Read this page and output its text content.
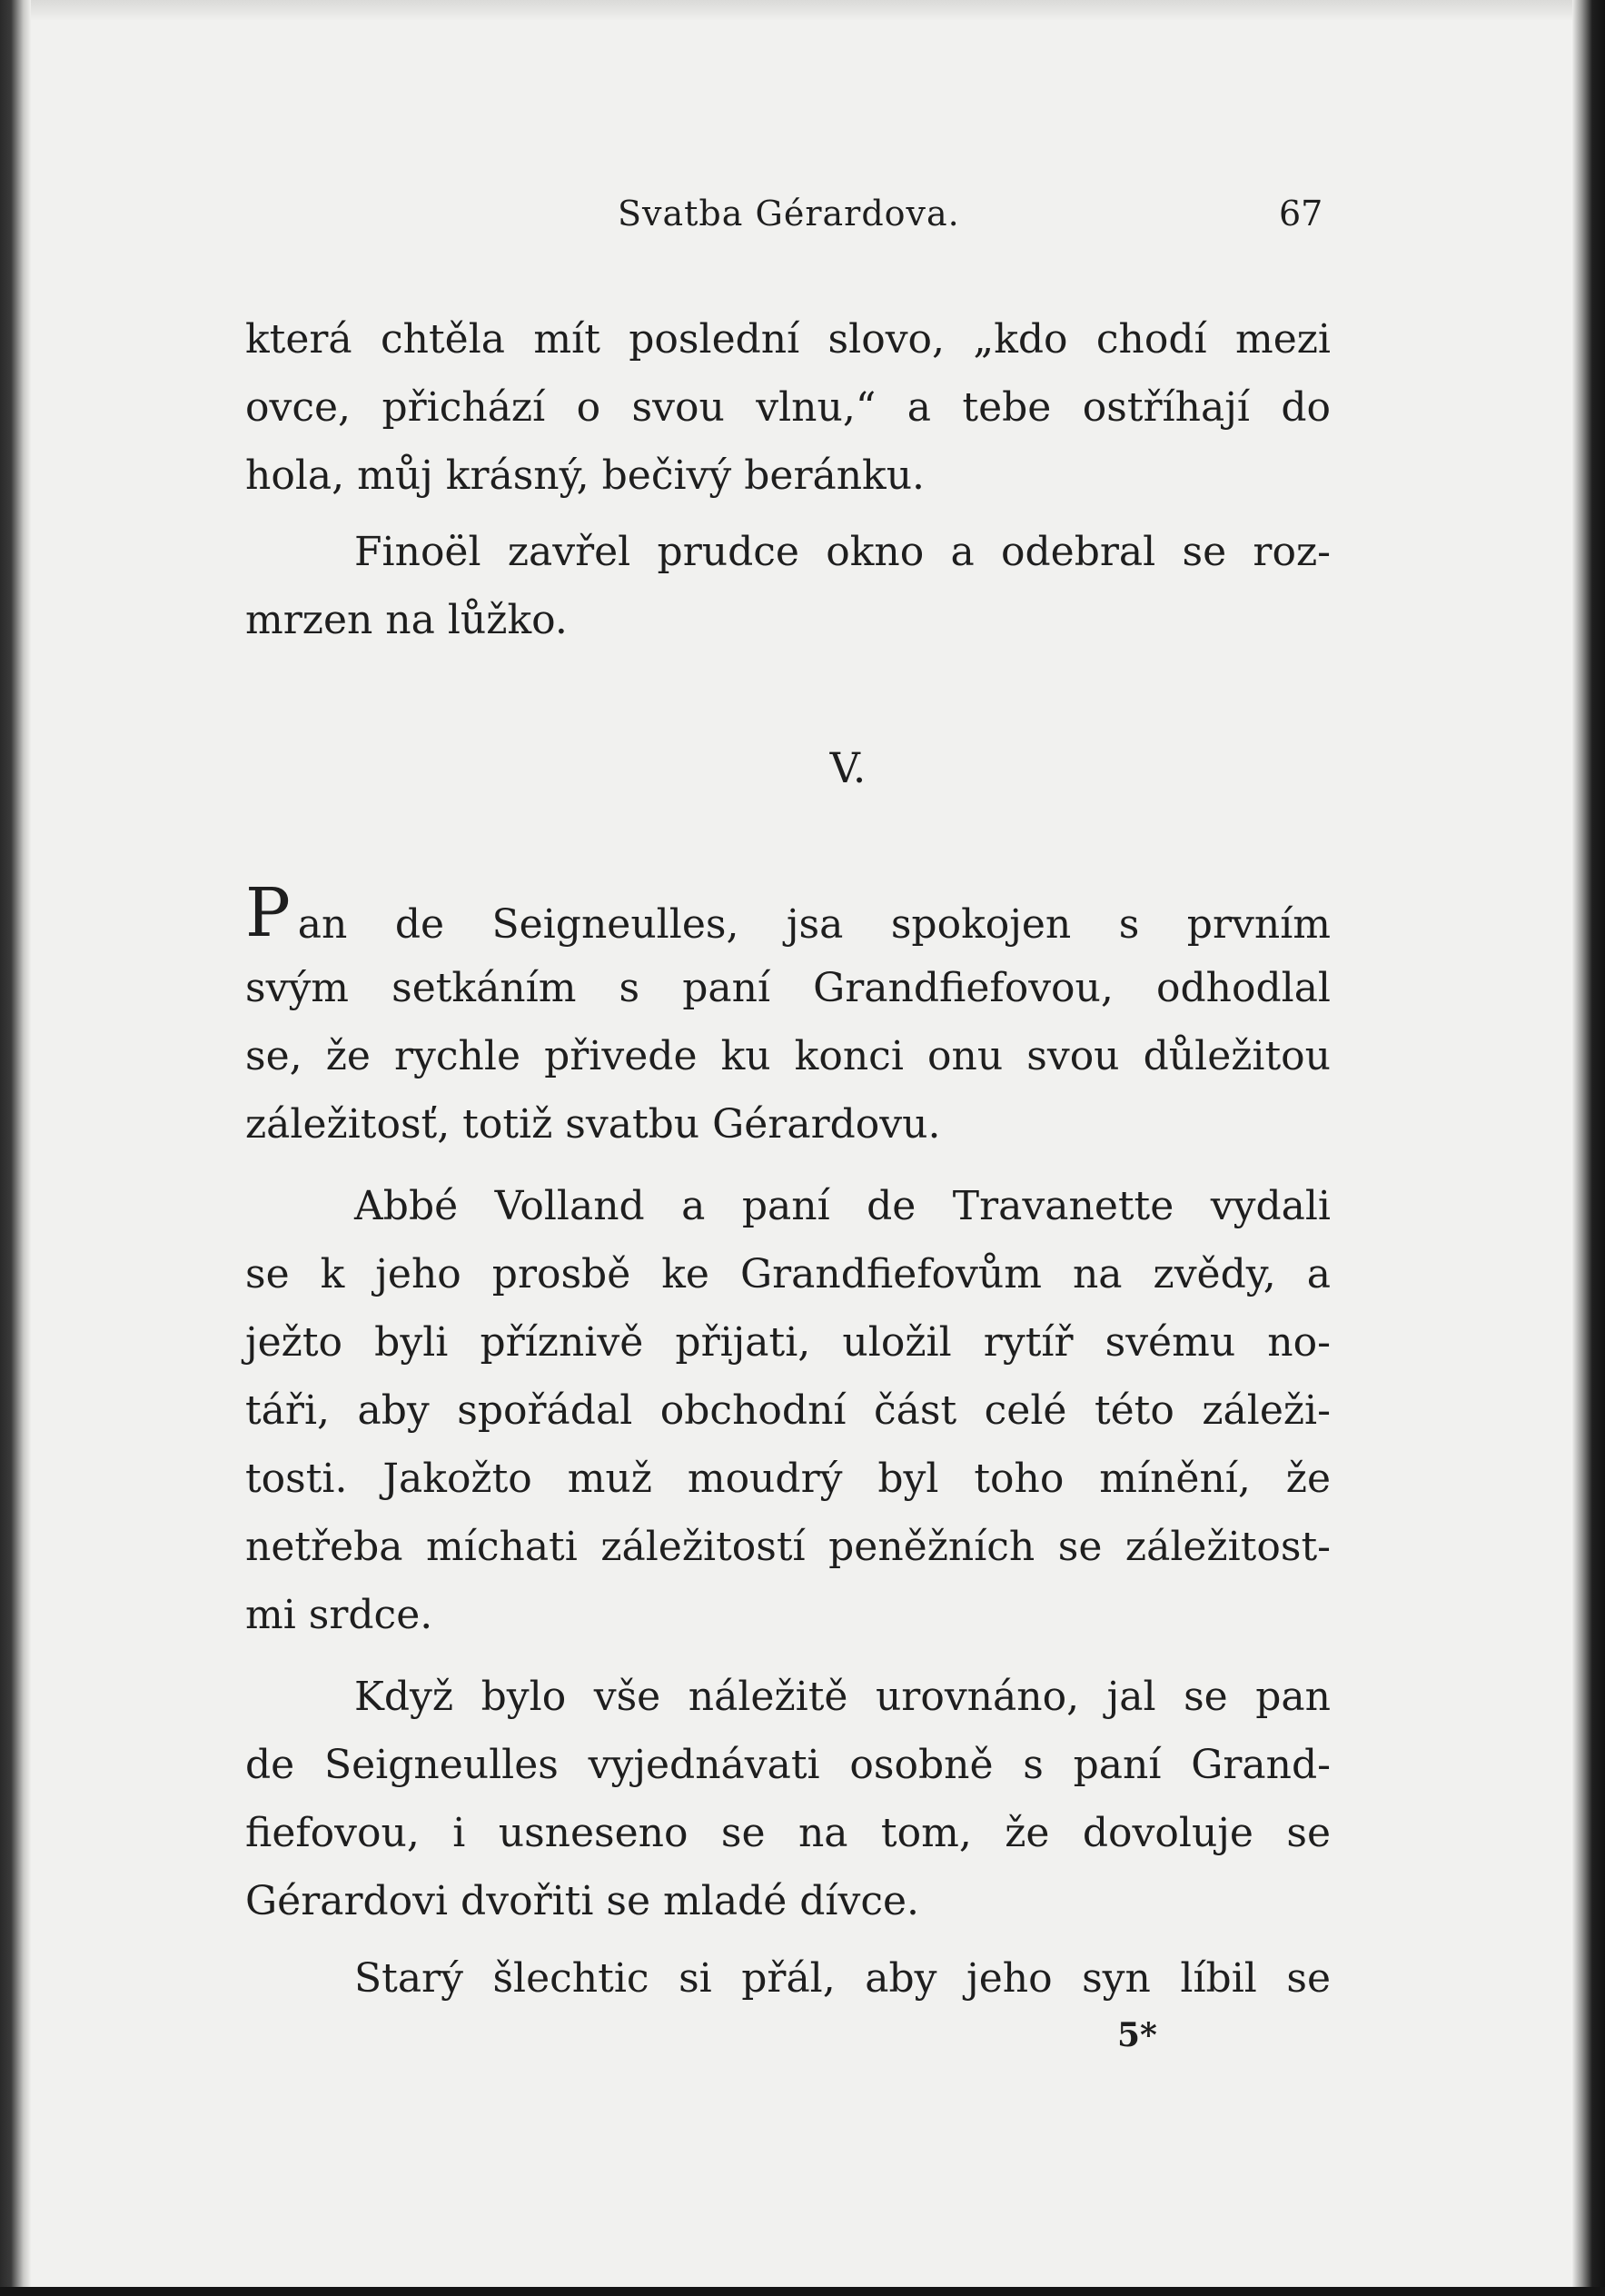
Svatba Gérardova.	67
která chtěla mít poslední slovo, „kdo chodí mezi
ovce, přichází o svou vlnu,“ a tebe ostříhají do
hola, můj krásný, bečivý beránku.
Finoël zavřel prudce okno a odebral se roz-
mrzen na lůžko.
V.
Pan de Seigneulles, jsa spokojen s prvním
svým setkáním s paní Grandfiefovou, odhodlal
se, že rychle přivede ku konci onu svou důležitou
záležitosť, totiž svatbu Gérardovu.
Abbé Volland a paní de Travanette vydali
se k jeho prosbě ke Grandfiefovům na zvědy, a
ježto byli příznivě přijati, uložil rytíř svému no-
táři, aby spořádal obchodní část celé této záleži-
tosti. Jakožto muž moudrý byl toho mínění, že
netřeba míchati záležitostí peněžních se záležitost-
mi srdce.
Když bylo vše náležitě urovnáno, jal se pan
de Seigneulles vyjednávati osobně s paní Grand-
fiefovou, i usneseno se na tom, že dovoluje se
Gérardovi dvořiti se mladé dívce.
Starý šlechtic si přál, aby jeho syn líbil se
5*
